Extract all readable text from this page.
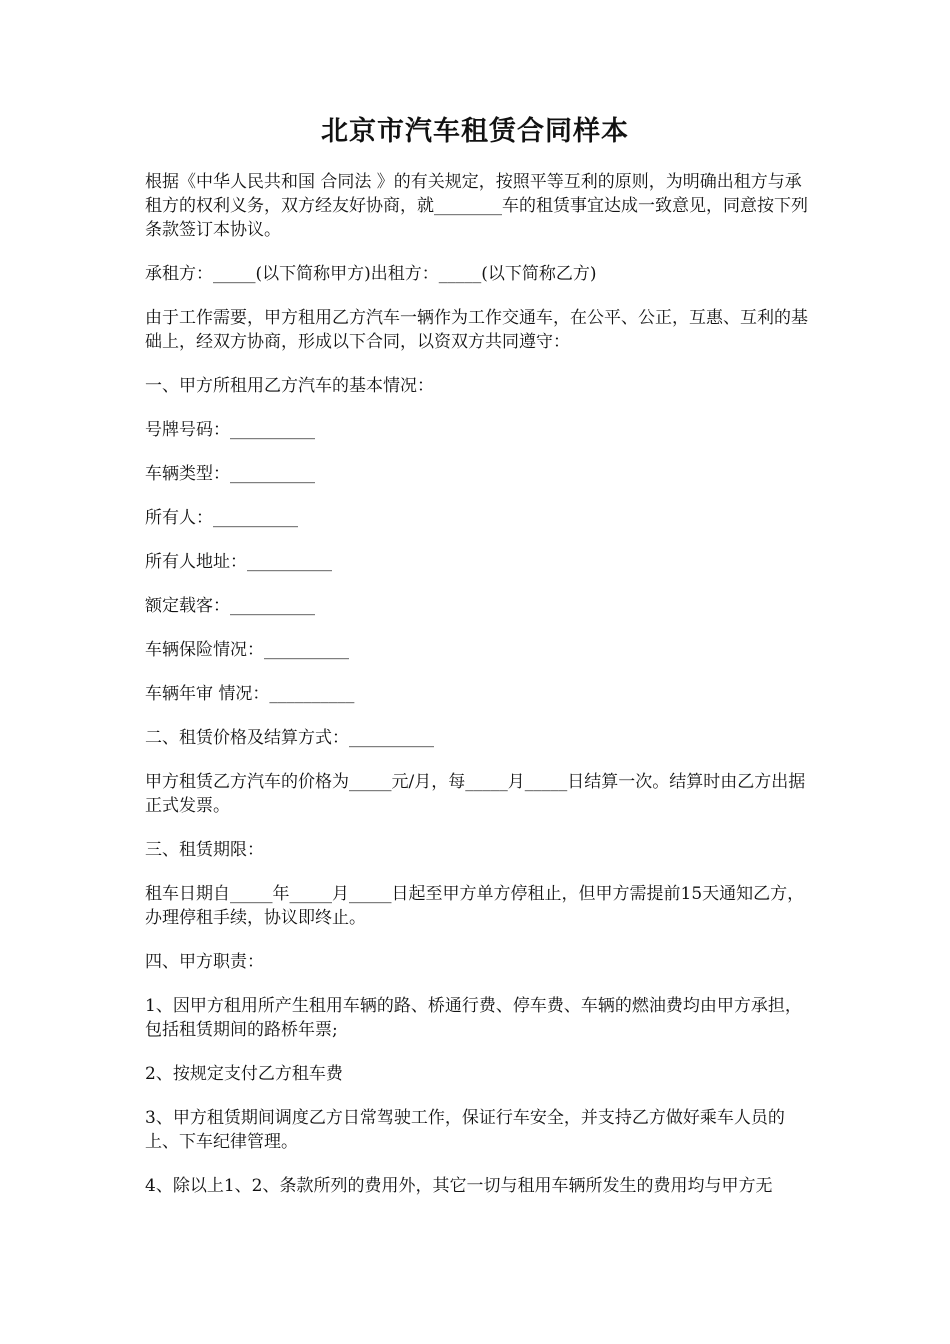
北京市汽车租赁合同样本

根据《中华人民共和国 合同法 》的有关规定，按照平等互利的原则，为明确出租方与承租方的权利义务，双方经友好协商，就________车的租赁事宜达成一致意见，同意按下列条款签订本协议。

承租方：_____(以下简称甲方)出租方：_____(以下简称乙方)

由于工作需要，甲方租用乙方汽车一辆作为工作交通车，在公平、公正，互惠、互利的基础上，经双方协商，形成以下合同，以资双方共同遵守：

一、甲方所租用乙方汽车的基本情况：

号牌号码：__________

车辆类型：__________

所有人：__________

所有人地址：__________

额定载客：__________

车辆保险情况：__________

车辆年审 情况：__________

二、租赁价格及结算方式：__________

甲方租赁乙方汽车的价格为_____元/月，每_____月_____日结算一次。结算时由乙方出据正式发票。

三、租赁期限：

租车日期自_____年_____月_____日起至甲方单方停租止，但甲方需提前15天通知乙方，办理停租手续，协议即终止。

四、甲方职责：

1、因甲方租用所产生租用车辆的路、桥通行费、停车费、车辆的燃油费均由甲方承担，包括租赁期间的路桥年票;

2、按规定支付乙方租车费

3、甲方租赁期间调度乙方日常驾驶工作，保证行车安全，并支持乙方做好乘车人员的上、下车纪律管理。

4、除以上1、2、条款所列的费用外，其它一切与租用车辆所发生的费用均与甲方无
